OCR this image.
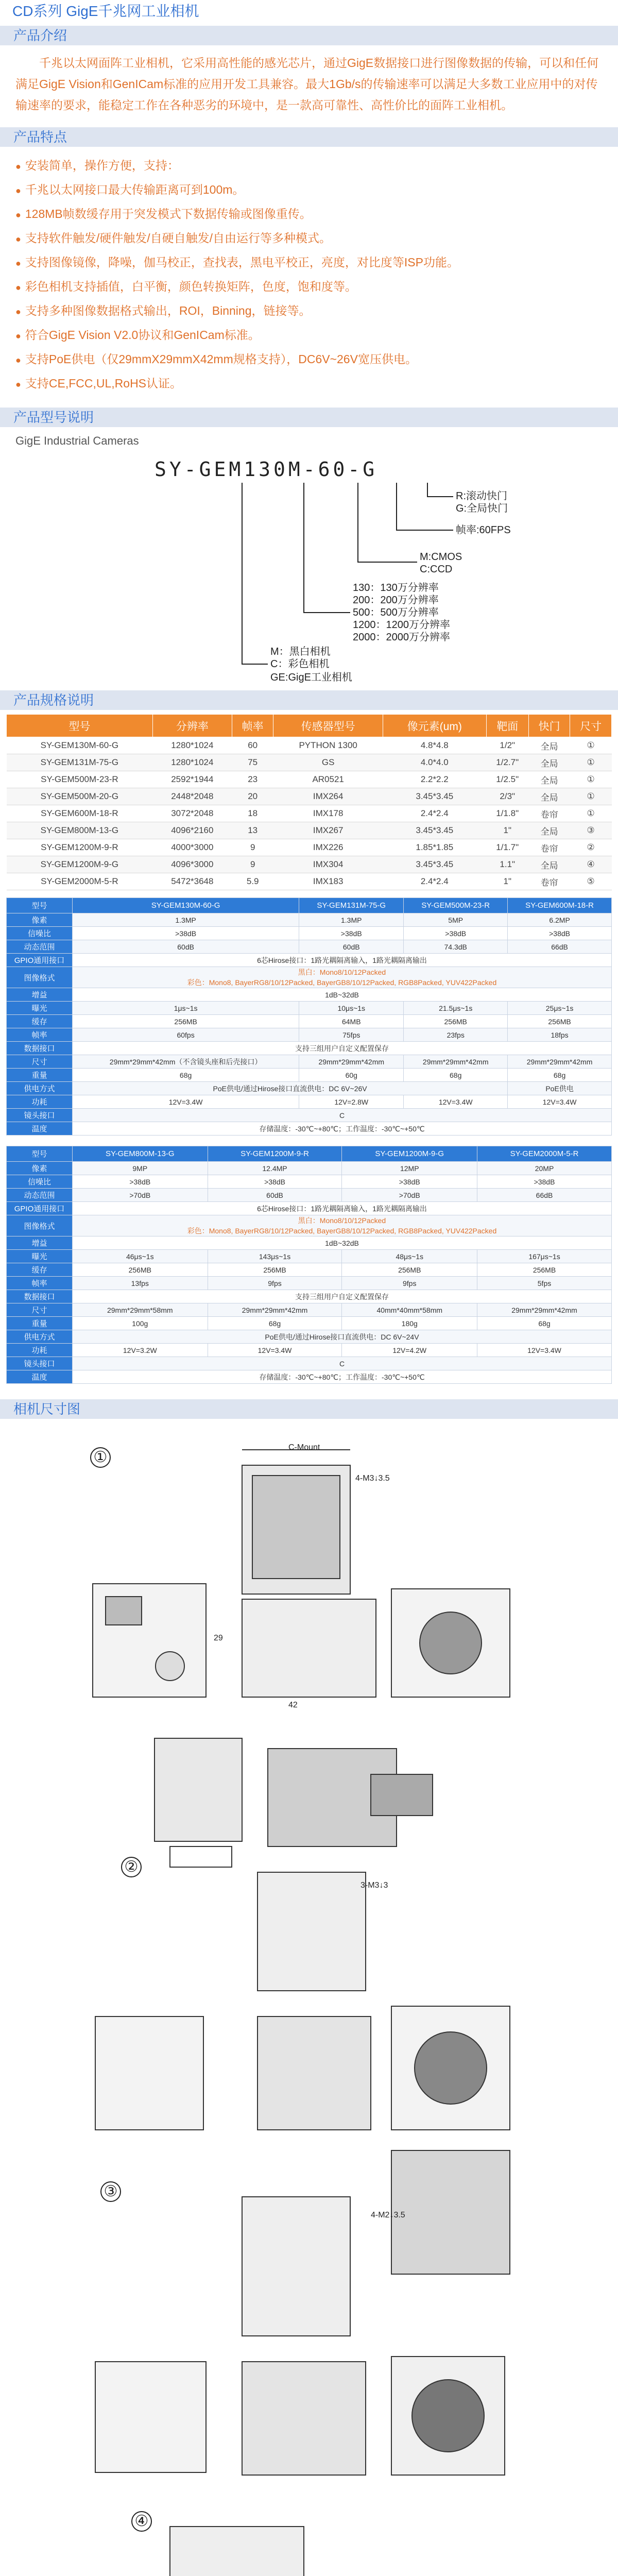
CD系列 GigE千兆网工业相机
产品介绍

千兆以太网面阵工业相机，它采用高性能的感光芯片，通过GigE数据接口进行图像数据的传输，可以和任何满足GigE Vision和GenICam标准的应用开发工具兼容。最大1Gb/s的传输速率可以满足大多数工业应用中的对传输速率的要求，能稳定工作在各种恶劣的环境中，是一款高可靠性、高性价比的面阵工业相机。

产品特点
● 安装简单，操作方便，支持：
● 千兆以太网接口最大传输距离可到100m。
● 128MB帧数缓存用于突发模式下数据传输或图像重传。
● 支持软件触发/硬件触发/自硬自触发/自由运行等多种模式。
● 支持图像镜像，降噪，伽马校正，查找表，黑电平校正，亮度，对比度等ISP功能。
● 彩色相机支持插值，白平衡，颜色转换矩阵，色度，饱和度等。
● 支持多种图像数据格式输出，ROI，Binning，链接等。
● 符合GigE Vision V2.0协议和GenICam标准。
● 支持PoE供电（仅29mmX29mmX42mm规格支持），DC6V~26V宽压供电。
● 支持CE,FCC,UL,RoHS认证。
产品型号说明
GigE Industrial Cameras
SY-GEM130M-60-G
R:滚动快门
G:全局快门
帧率:60FPS
M:CMOS
C:CCD
130：130万分辨率
200：200万分辨率
500：500万分辨率
1200：1200万分辨率
2000：2000万分辨率
M：黑白相机
C：彩色相机
GE:GigE工业相机
产品规格说明
型号	分辨率	帧率	传感器型号	像元素(um)	靶面	快门	尺寸
SY-GEM130M-60-G	1280*1024	60	PYTHON 1300	4.8*4.8	1/2"	全局	①
SY-GEM131M-75-G	1280*1024	75	GS	4.0*4.0	1/2.7"	全局	①
SY-GEM500M-23-R	2592*1944	23	AR0521	2.2*2.2	1/2.5"	全局	①
SY-GEM500M-20-G	2448*2048	20	IMX264	3.45*3.45	2/3"	全局	①
SY-GEM600M-18-R	3072*2048	18	IMX178	2.4*2.4	1/1.8"	卷帘	①
SY-GEM800M-13-G	4096*2160	13	IMX267	3.45*3.45	1"	全局	③
SY-GEM1200M-9-R	4000*3000	9	IMX226	1.85*1.85	1/1.7"	卷帘	②
SY-GEM1200M-9-G	4096*3000	9	IMX304	3.45*3.45	1.1"	全局	④
SY-GEM2000M-5-R	5472*3648	5.9	IMX183	2.4*2.4	1"	卷帘	⑤
型号	SY-GEM130M-60-G	SY-GEM131M-75-G	SY-GEM500M-23-R	SY-GEM600M-18-R
像素	1.3MP	1.3MP	5MP	6.2MP
信噪比	>38dB	>38dB	>38dB	>38dB
动态范围	60dB	60dB	74.3dB	66dB
GPIO通用接口	6芯Hirose接口：1路光耦隔离输入，1路光耦隔离输出			
图像格式	黑白：Mono8/10/12Packed
彩色：Mono8, BayerRG8/10/12Packed, BayerGB8/10/12Packed, RGB8Packed, YUV422Packed			

增益	1dB~32dB			
曝光	1μs~1s	10μs~1s	21.5μs~1s	25μs~1s
缓存	256MB	64MB	256MB	256MB
帧率	60fps	75fps	23fps	18fps
数据接口	支持三组用户自定义配置保存			
尺寸	29mm*29mm*42mm（不含镜头座和后壳接口）	29mm*29mm*42mm	29mm*29mm*42mm	29mm*29mm*42mm
重量	68g	60g	68g	68g
供电方式	PoE供电/通过Hirose接口直流供电：DC 6V~26V			PoE供电
功耗	12V=3.4W	12V=2.8W	12V=3.4W	12V=3.4W
镜头接口	C			
温度	存储温度：-30℃~+80℃；工作温度：-30℃~+50℃			
型号	SY-GEM800M-13-G	SY-GEM1200M-9-R	SY-GEM1200M-9-G	SY-GEM2000M-5-R
像素	9MP	12.4MP	12MP	20MP
信噪比	>38dB	>38dB	>38dB	>38dB
动态范围	>70dB	60dB	>70dB	66dB
GPIO通用接口	6芯Hirose接口：1路光耦隔离输入，1路光耦隔离输出			
图像格式	黑白：Mono8/10/12Packed
彩色：Mono8, BayerRG8/10/12Packed, BayerGB8/10/12Packed, RGB8Packed, YUV422Packed			

增益	1dB~32dB			
曝光	46μs~1s	143μs~1s	48μs~1s	167μs~1s
缓存	256MB	256MB	256MB	256MB
帧率	13fps	9fps	9fps	5fps
数据接口	支持三组用户自定义配置保存			
尺寸	29mm*29mm*58mm	29mm*29mm*42mm	40mm*40mm*58mm	29mm*29mm*42mm
重量	100g	68g	180g	68g
供电方式	PoE供电/通过Hirose接口直流供电：DC 6V~24V			
功耗	12V=3.2W	12V=3.4W	12V=4.2W	12V=3.4W
镜头接口	C			
温度	存储温度：-30℃~+80℃；工作温度：-30℃~+50℃			
相机尺寸图
①
4-M3↓3.5
3-M3↓3
4-M2↓3.5
C-Mount
29
42
②
③
④
